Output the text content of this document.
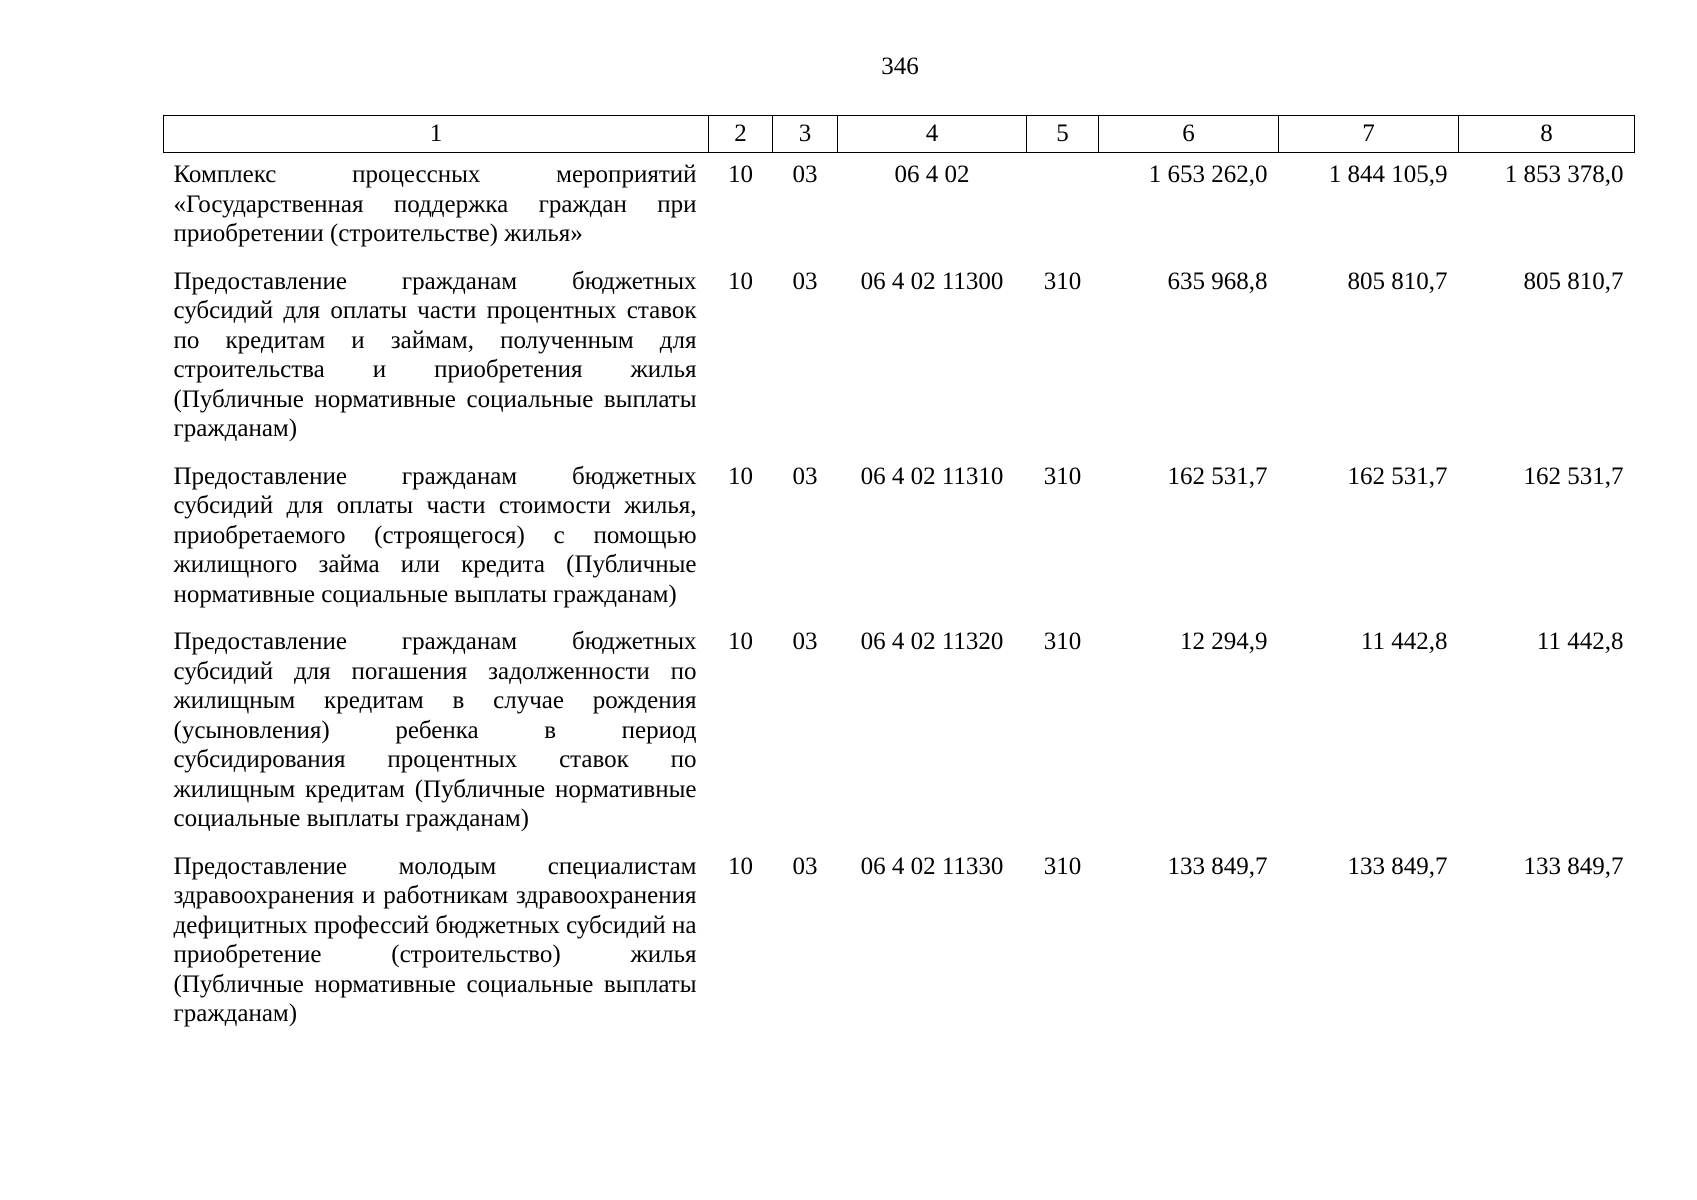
346
1	2	3	4	5	6	7	8
Комплекс процессных мероприятий «Государственная поддержка граждан при приобретении (строительстве) жилья»	10	03	06 4 02		1 653 262,0	1 844 105,9	1 853 378,0
Предоставление гражданам бюджетных субсидий для оплаты части процентных ставок по кредитам и займам, полученным для строительства и приобретения жилья (Публичные нормативные социальные выплаты гражданам)	10	03	06 4 02 11300	310	635 968,8	805 810,7	805 810,7
Предоставление гражданам бюджетных субсидий для оплаты части стоимости жилья, приобретаемого (строящегося) с помощью жилищного займа или кредита (Публичные нормативные социальные выплаты гражданам)	10	03	06 4 02 11310	310	162 531,7	162 531,7	162 531,7
Предоставление гражданам бюджетных субсидий для погашения задолженности по жилищным кредитам в случае рождения (усыновления) ребенка в период субсидирования процентных ставок по жилищным кредитам (Публичные нормативные социальные выплаты гражданам)	10	03	06 4 02 11320	310	12 294,9	11 442,8	11 442,8
Предоставление молодым специалистам здравоохранения и работникам здравоохранения дефицитных профессий бюджетных субсидий на приобретение (строительство) жилья (Публичные нормативные социальные выплаты гражданам)	10	03	06 4 02 11330	310	133 849,7	133 849,7	133 849,7
